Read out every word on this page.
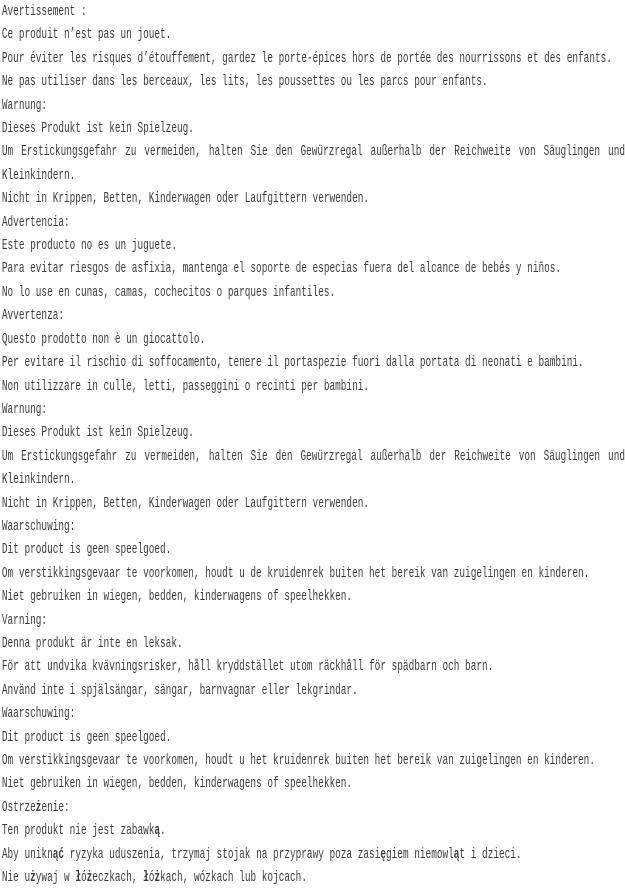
Avertissement :

Ce produit n’est pas un jouet.

Pour éviter les risques d’étouffement, gardez le porte-épices hors de portée des nourrissons et des enfants.

Ne pas utiliser dans les berceaux, les lits, les poussettes ou les parcs pour enfants.

Warnung:

Dieses Produkt ist kein Spielzeug.

Um Erstickungsgefahr zu vermeiden, halten Sie den Gewürzregal außerhalb der Reichweite von Säuglingen und Kleinkindern.

Nicht in Krippen, Betten, Kinderwagen oder Laufgittern verwenden.

Advertencia:

Este producto no es un juguete.

Para evitar riesgos de asfixia, mantenga el soporte de especias fuera del alcance de bebés y niños.

No lo use en cunas, camas, cochecitos o parques infantiles.

Avvertenza:

Questo prodotto non è un giocattolo.

Per evitare il rischio di soffocamento, tenere il portaspezie fuori dalla portata di neonati e bambini.

Non utilizzare in culle, letti, passeggini o recinti per bambini.

Warnung:

Dieses Produkt ist kein Spielzeug.

Um Erstickungsgefahr zu vermeiden, halten Sie den Gewürzregal außerhalb der Reichweite von Säuglingen und Kleinkindern.

Nicht in Krippen, Betten, Kinderwagen oder Laufgittern verwenden.

Waarschuwing:

Dit product is geen speelgoed.

Om verstikkingsgevaar te voorkomen, houdt u de kruidenrek buiten het bereik van zuigelingen en kinderen.

Niet gebruiken in wiegen, bedden, kinderwagens of speelhekken.

Varning:

Denna produkt är inte en leksak.

För att undvika kvävningsrisker, håll kryddstället utom räckhåll för spädbarn och barn.

Använd inte i spjälsängar, sängar, barnvagnar eller lekgrindar.

Waarschuwing:

Dit product is geen speelgoed.

Om verstikkingsgevaar te voorkomen, houdt u het kruidenrek buiten het bereik van zuigelingen en kinderen.

Niet gebruiken in wiegen, bedden, kinderwagens of speelhekken.

Ostrzeżenie:

Ten produkt nie jest zabawką.

Aby uniknąć ryzyka uduszenia, trzymaj stojak na przyprawy poza zasięgiem niemowląt i dzieci.

Nie używaj w łóżeczkach, łóżkach, wózkach lub kojcach.
